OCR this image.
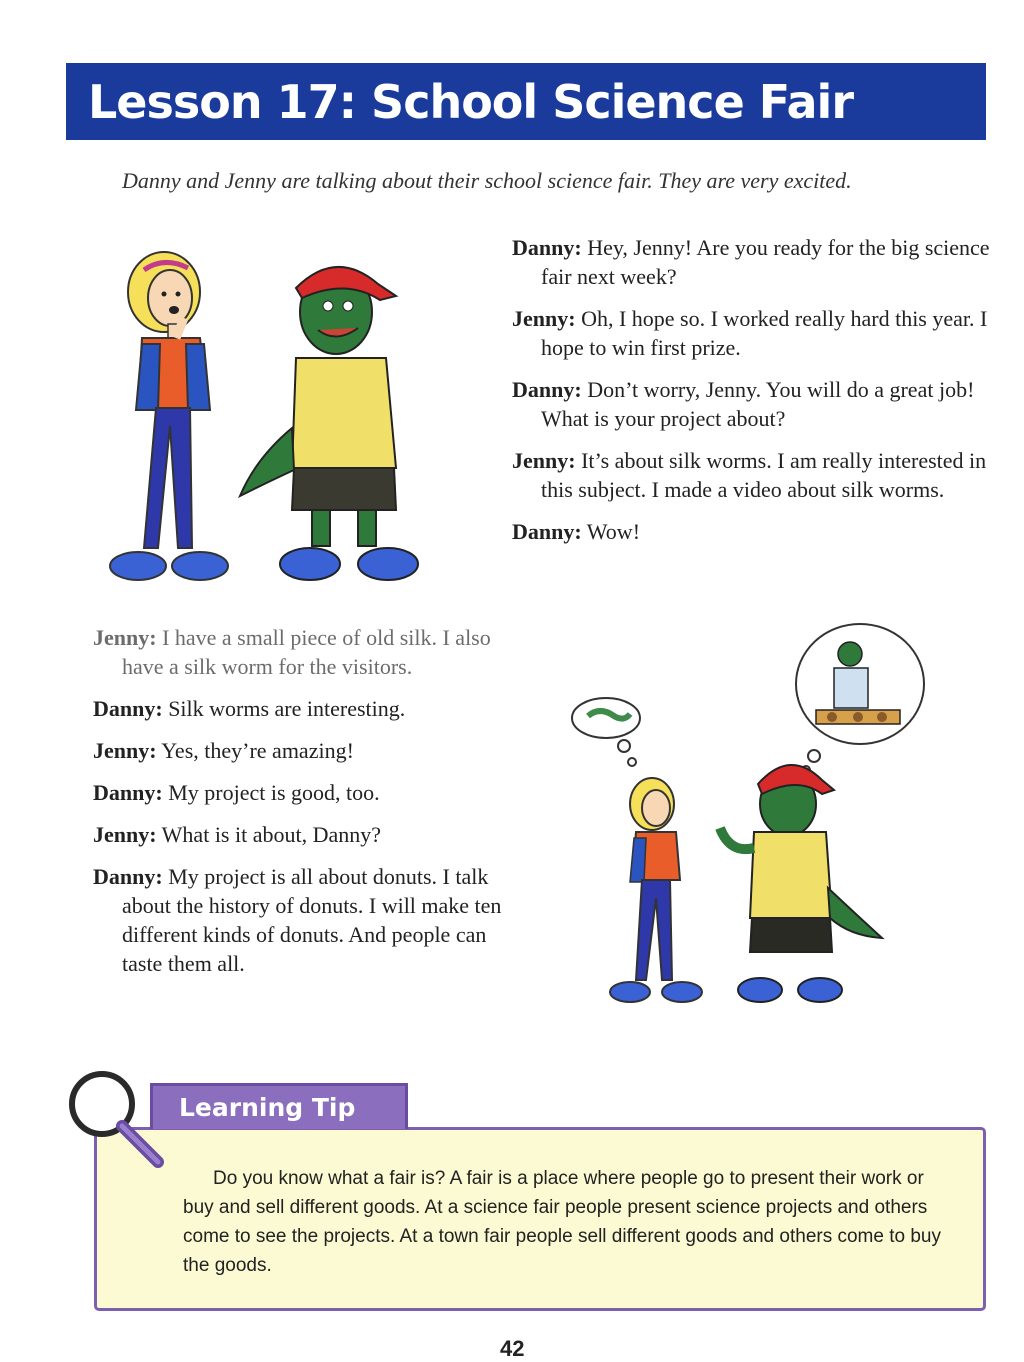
Lesson 17: School Science Fair
Danny and Jenny are talking about their school science fair. They are very excited.

Danny: Hey, Jenny! Are you ready for the big science fair next week?

Jenny: Oh, I hope so. I worked really hard this year. I hope to win first prize.

Danny: Don’t worry, Jenny. You will do a great job! What is your project about?

Jenny: It’s about silk worms. I am really interested in this subject. I made a video about silk worms.

Danny: Wow!

Jenny: I have a small piece of old silk. I also have a silk worm for the visitors.

Danny: Silk worms are interesting.

Jenny: Yes, they’re amazing!

Danny: My project is good, too.

Jenny: What is it about, Danny?

Danny: My project is all about donuts. I talk about the history of donuts. I will make ten different kinds of donuts. And people can taste them all.

Do you know what a fair is? A fair is a place where people go to present their work or buy and sell different goods. At a science fair people present science projects and others come to see the projects. At a town fair people sell different goods and others come to buy the goods.

Learning Tip
42
